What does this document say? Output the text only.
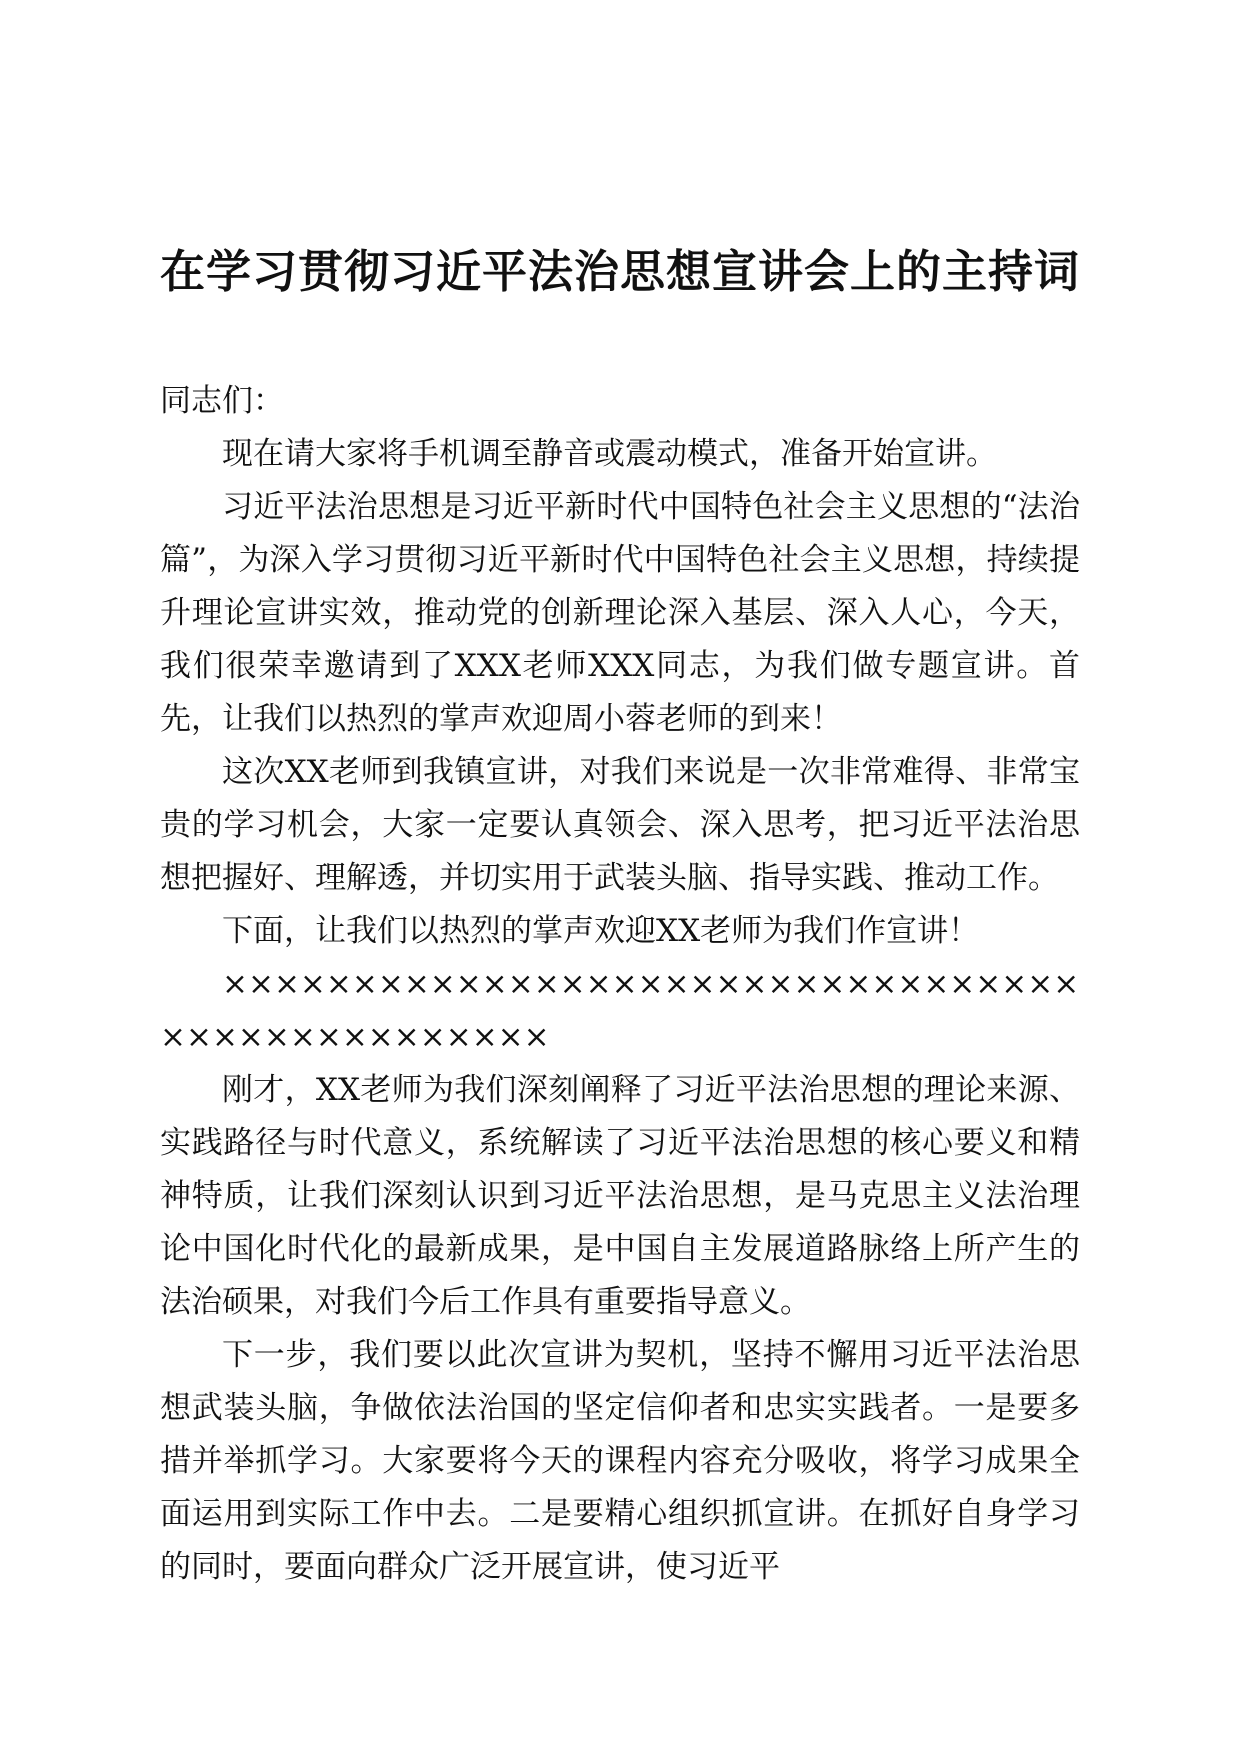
在学习贯彻习近平法治思想宣讲会上的主持词

同志们：

现在请大家将手机调至静音或震动模式，准备开始宣讲。

习近平法治思想是习近平新时代中国特色社会主义思想的“法治篇”，为深入学习贯彻习近平新时代中国特色社会主义思想，持续提升理论宣讲实效，推动党的创新理论深入基层、深入人心，今天，我们很荣幸邀请到了XXX老师XXX同志，为我们做专题宣讲。首先，让我们以热烈的掌声欢迎周小蓉老师的到来！

这次XX老师到我镇宣讲，对我们来说是一次非常难得、非常宝贵的学习机会，大家一定要认真领会、深入思考，把习近平法治思想把握好、理解透，并切实用于武装头脑、指导实践、推动工作。

下面，让我们以热烈的掌声欢迎XX老师为我们作宣讲！

××××××××××××××××××××××××××××××××××××××××××××××××

刚才，XX老师为我们深刻阐释了习近平法治思想的理论来源、实践路径与时代意义，系统解读了习近平法治思想的核心要义和精神特质，让我们深刻认识到习近平法治思想，是马克思主义法治理论中国化时代化的最新成果，是中国自主发展道路脉络上所产生的法治硕果，对我们今后工作具有重要指导意义。

下一步，我们要以此次宣讲为契机，坚持不懈用习近平法治思想武装头脑，争做依法治国的坚定信仰者和忠实实践者。一是要多措并举抓学习。大家要将今天的课程内容充分吸收，将学习成果全面运用到实际工作中去。二是要精心组织抓宣讲。在抓好自身学习的同时，要面向群众广泛开展宣讲，使习近平
